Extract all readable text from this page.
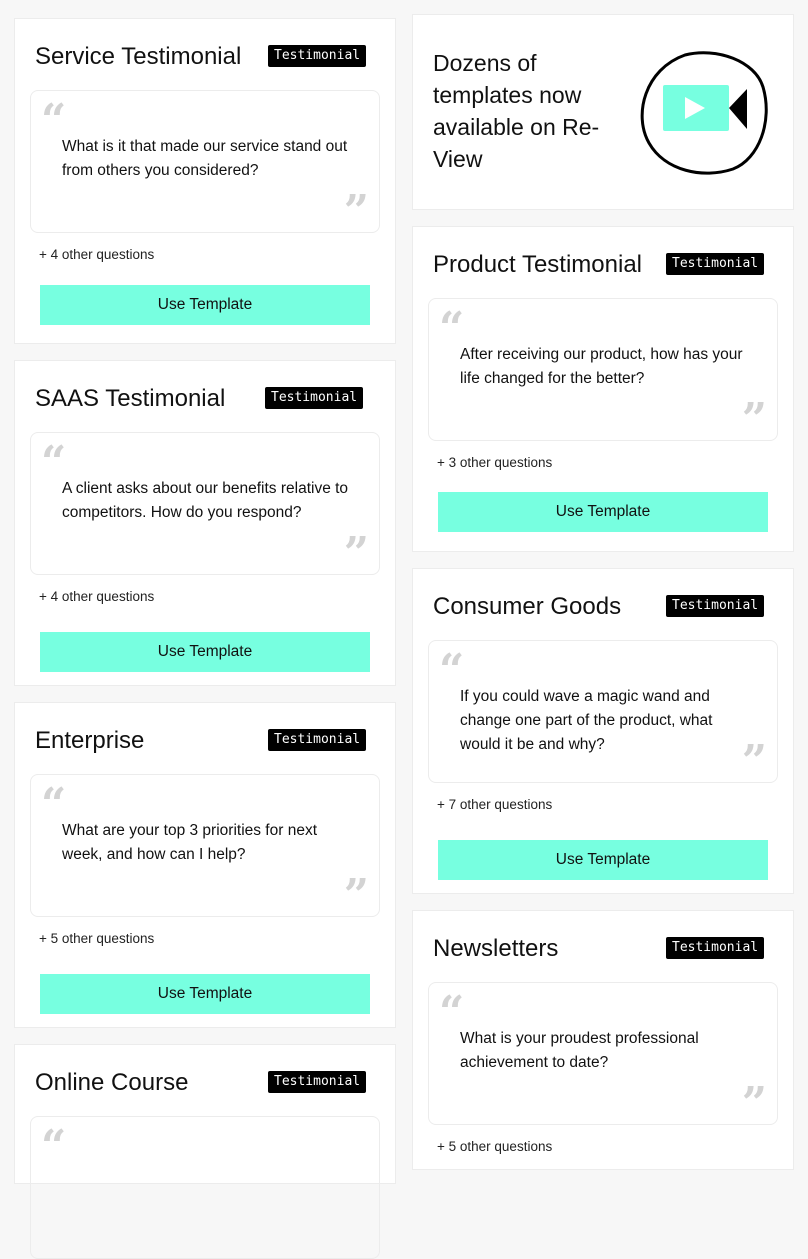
Service Testimonial	Testimonial
“
What is it that made our service stand out from others you considered?
”
+ 4 other questions
Use Template
SAAS Testimonial	Testimonial
“
A client asks about our benefits relative to competitors. How do you respond?
”
+ 4 other questions
Use Template
Enterprise	Testimonial
“
What are your top 3 priorities for next week, and how can I help?
”
+ 5 other questions
Use Template
Online Course	Testimonial
“
Dozens of templates now available on Re-View
Product Testimonial	Testimonial
“
After receiving our product, how has your life changed for the better?
”
+ 3 other questions
Use Template
Consumer Goods	Testimonial
“
If you could wave a magic wand and change one part of the product, what would it be and why?	”
+ 7 other questions
Use Template
Newsletters	Testimonial
“
What is your proudest professional achievement to date?
”
+ 5 other questions
